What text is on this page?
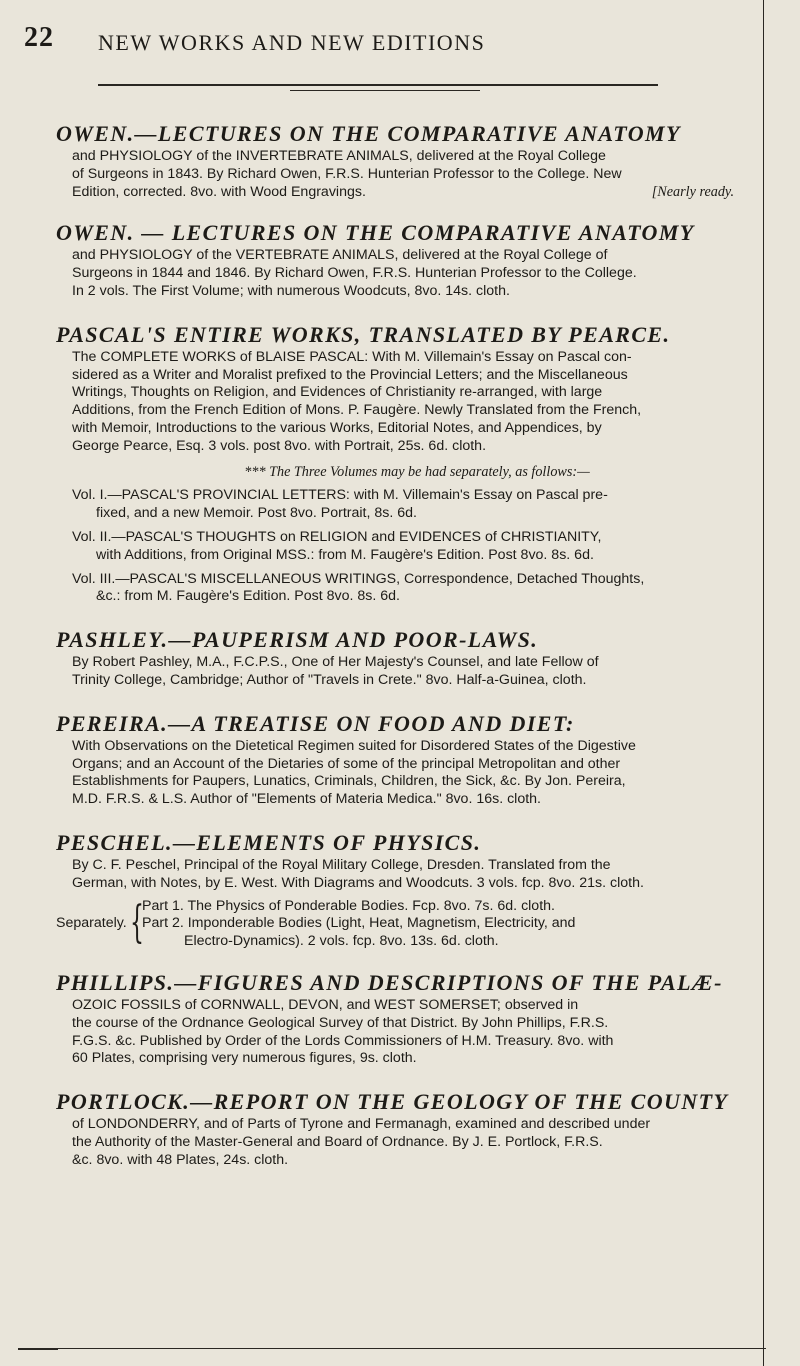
22 NEW WORKS AND NEW EDITIONS
OWEN.—LECTURES ON THE COMPARATIVE ANATOMY

and PHYSIOLOGY of the INVERTEBRATE ANIMALS, delivered at the Royal College

of Surgeons in 1843. By Richard Owen, F.R.S. Hunterian Professor to the College. New

Edition, corrected. 8vo. with Wood Engravings.	[Nearly ready.

OWEN. — LECTURES ON THE COMPARATIVE ANATOMY

and PHYSIOLOGY of the VERTEBRATE ANIMALS, delivered at the Royal College of

Surgeons in 1844 and 1846. By Richard Owen, F.R.S. Hunterian Professor to the College.

In 2 vols. The First Volume; with numerous Woodcuts, 8vo. 14s. cloth.

PASCAL'S ENTIRE WORKS, TRANSLATED BY PEARCE.

The COMPLETE WORKS of BLAISE PASCAL: With M. Villemain's Essay on Pascal con-

sidered as a Writer and Moralist prefixed to the Provincial Letters; and the Miscellaneous

Writings, Thoughts on Religion, and Evidences of Christianity re-arranged, with large

Additions, from the French Edition of Mons. P. Faugère. Newly Translated from the French,

with Memoir, Introductions to the various Works, Editorial Notes, and Appendices, by

George Pearce, Esq. 3 vols. post 8vo. with Portrait, 25s. 6d. cloth.

*** The Three Volumes may be had separately, as follows:—

Vol. I.—PASCAL'S PROVINCIAL LETTERS: with M. Villemain's Essay on Pascal pre-

fixed, and a new Memoir. Post 8vo. Portrait, 8s. 6d.

Vol. II.—PASCAL'S THOUGHTS on RELIGION and EVIDENCES of CHRISTIANITY,

with Additions, from Original MSS.: from M. Faugère's Edition. Post 8vo. 8s. 6d.

Vol. III.—PASCAL'S MISCELLANEOUS WRITINGS, Correspondence, Detached Thoughts,

&c.: from M. Faugère's Edition. Post 8vo. 8s. 6d.

PASHLEY.—PAUPERISM AND POOR-LAWS.

By Robert Pashley, M.A., F.C.P.S., One of Her Majesty's Counsel, and late Fellow of

Trinity College, Cambridge; Author of "Travels in Crete." 8vo. Half-a-Guinea, cloth.

PEREIRA.—A TREATISE ON FOOD AND DIET:

With Observations on the Dietetical Regimen suited for Disordered States of the Digestive

Organs; and an Account of the Dietaries of some of the principal Metropolitan and other

Establishments for Paupers, Lunatics, Criminals, Children, the Sick, &c. By Jon. Pereira,

M.D. F.R.S. & L.S. Author of "Elements of Materia Medica." 8vo. 16s. cloth.

PESCHEL.—ELEMENTS OF PHYSICS.

By C. F. Peschel, Principal of the Royal Military College, Dresden. Translated from the

German, with Notes, by E. West. With Diagrams and Woodcuts. 3 vols. fcp. 8vo. 21s. cloth.

Separately. {
Part 1. The Physics of Ponderable Bodies. Fcp. 8vo. 7s. 6d. cloth.
Part 2. Imponderable Bodies (Light, Heat, Magnetism, Electricity, and
Electro-Dynamics). 2 vols. fcp. 8vo. 13s. 6d. cloth.
PHILLIPS.—FIGURES AND DESCRIPTIONS OF THE PALÆ-

OZOIC FOSSILS of CORNWALL, DEVON, and WEST SOMERSET; observed in

the course of the Ordnance Geological Survey of that District. By John Phillips, F.R.S.

F.G.S. &c. Published by Order of the Lords Commissioners of H.M. Treasury. 8vo. with

60 Plates, comprising very numerous figures, 9s. cloth.

PORTLOCK.—REPORT ON THE GEOLOGY OF THE COUNTY

of LONDONDERRY, and of Parts of Tyrone and Fermanagh, examined and described under

the Authority of the Master-General and Board of Ordnance. By J. E. Portlock, F.R.S.

&c. 8vo. with 48 Plates, 24s. cloth.
